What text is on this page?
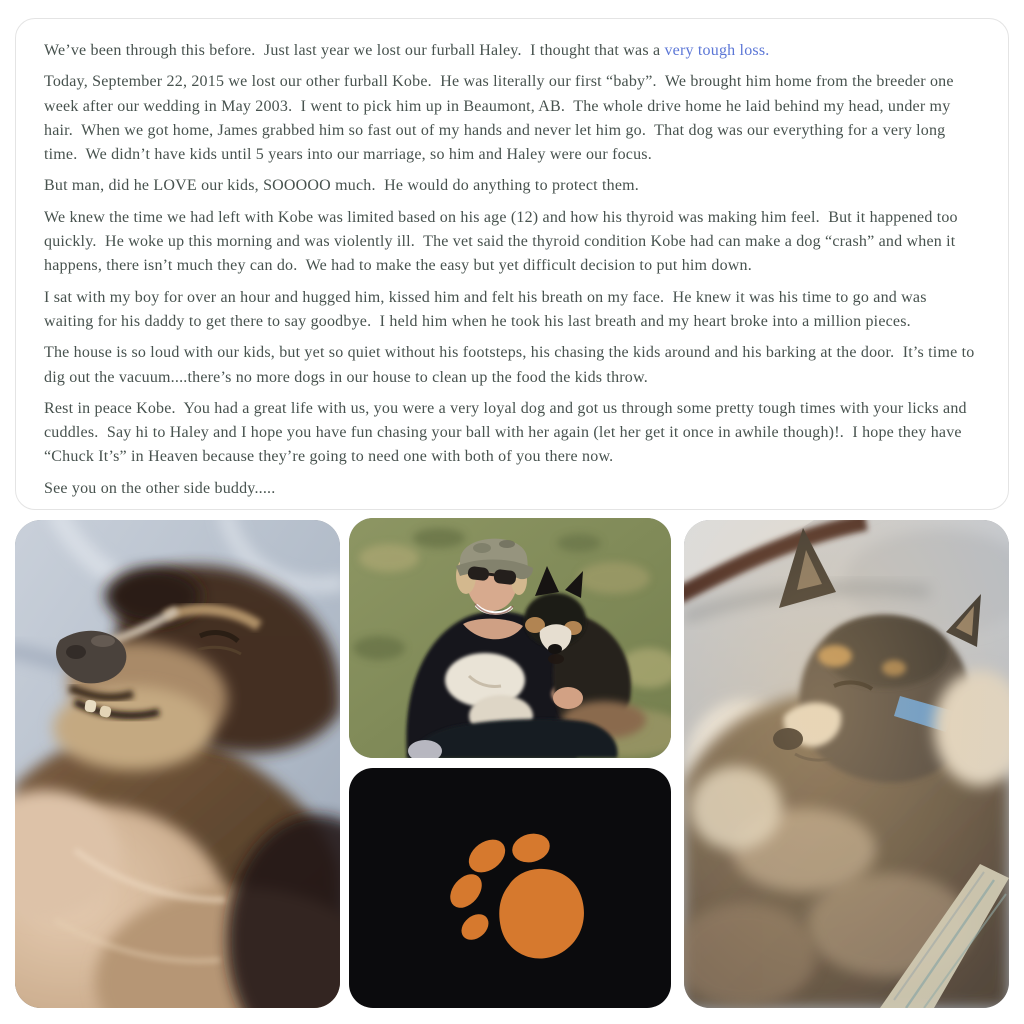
We’ve been through this before.  Just last year we lost our furball Haley.  I thought that was a very tough loss.

Today, September 22, 2015 we lost our other furball Kobe.  He was literally our first “baby”.  We brought him home from the breeder one week after our wedding in May 2003.  I went to pick him up in Beaumont, AB.  The whole drive home he laid behind my head, under my hair.  When we got home, James grabbed him so fast out of my hands and never let him go.  That dog was our everything for a very long time.  We didn’t have kids until 5 years into our marriage, so him and Haley were our focus.

But man, did he LOVE our kids, SOOOOO much.  He would do anything to protect them.

We knew the time we had left with Kobe was limited based on his age (12) and how his thyroid was making him feel.  But it happened too quickly.  He woke up this morning and was violently ill.  The vet said the thyroid condition Kobe had can make a dog “crash” and when it happens, there isn’t much they can do.  We had to make the easy but yet difficult decision to put him down.

I sat with my boy for over an hour and hugged him, kissed him and felt his breath on my face.  He knew it was his time to go and was waiting for his daddy to get there to say goodbye.  I held him when he took his last breath and my heart broke into a million pieces.

The house is so loud with our kids, but yet so quiet without his footsteps, his chasing the kids around and his barking at the door.  It’s time to dig out the vacuum....there’s no more dogs in our house to clean up the food the kids throw.

Rest in peace Kobe.  You had a great life with us, you were a very loyal dog and got us through some pretty tough times with your licks and cuddles.  Say hi to Haley and I hope you have fun chasing your ball with her again (let her get it once in awhile though)!.  I hope they have “Chuck It’s” in Heaven because they’re going to need one with both of you there now.

See you on the other side buddy.....
